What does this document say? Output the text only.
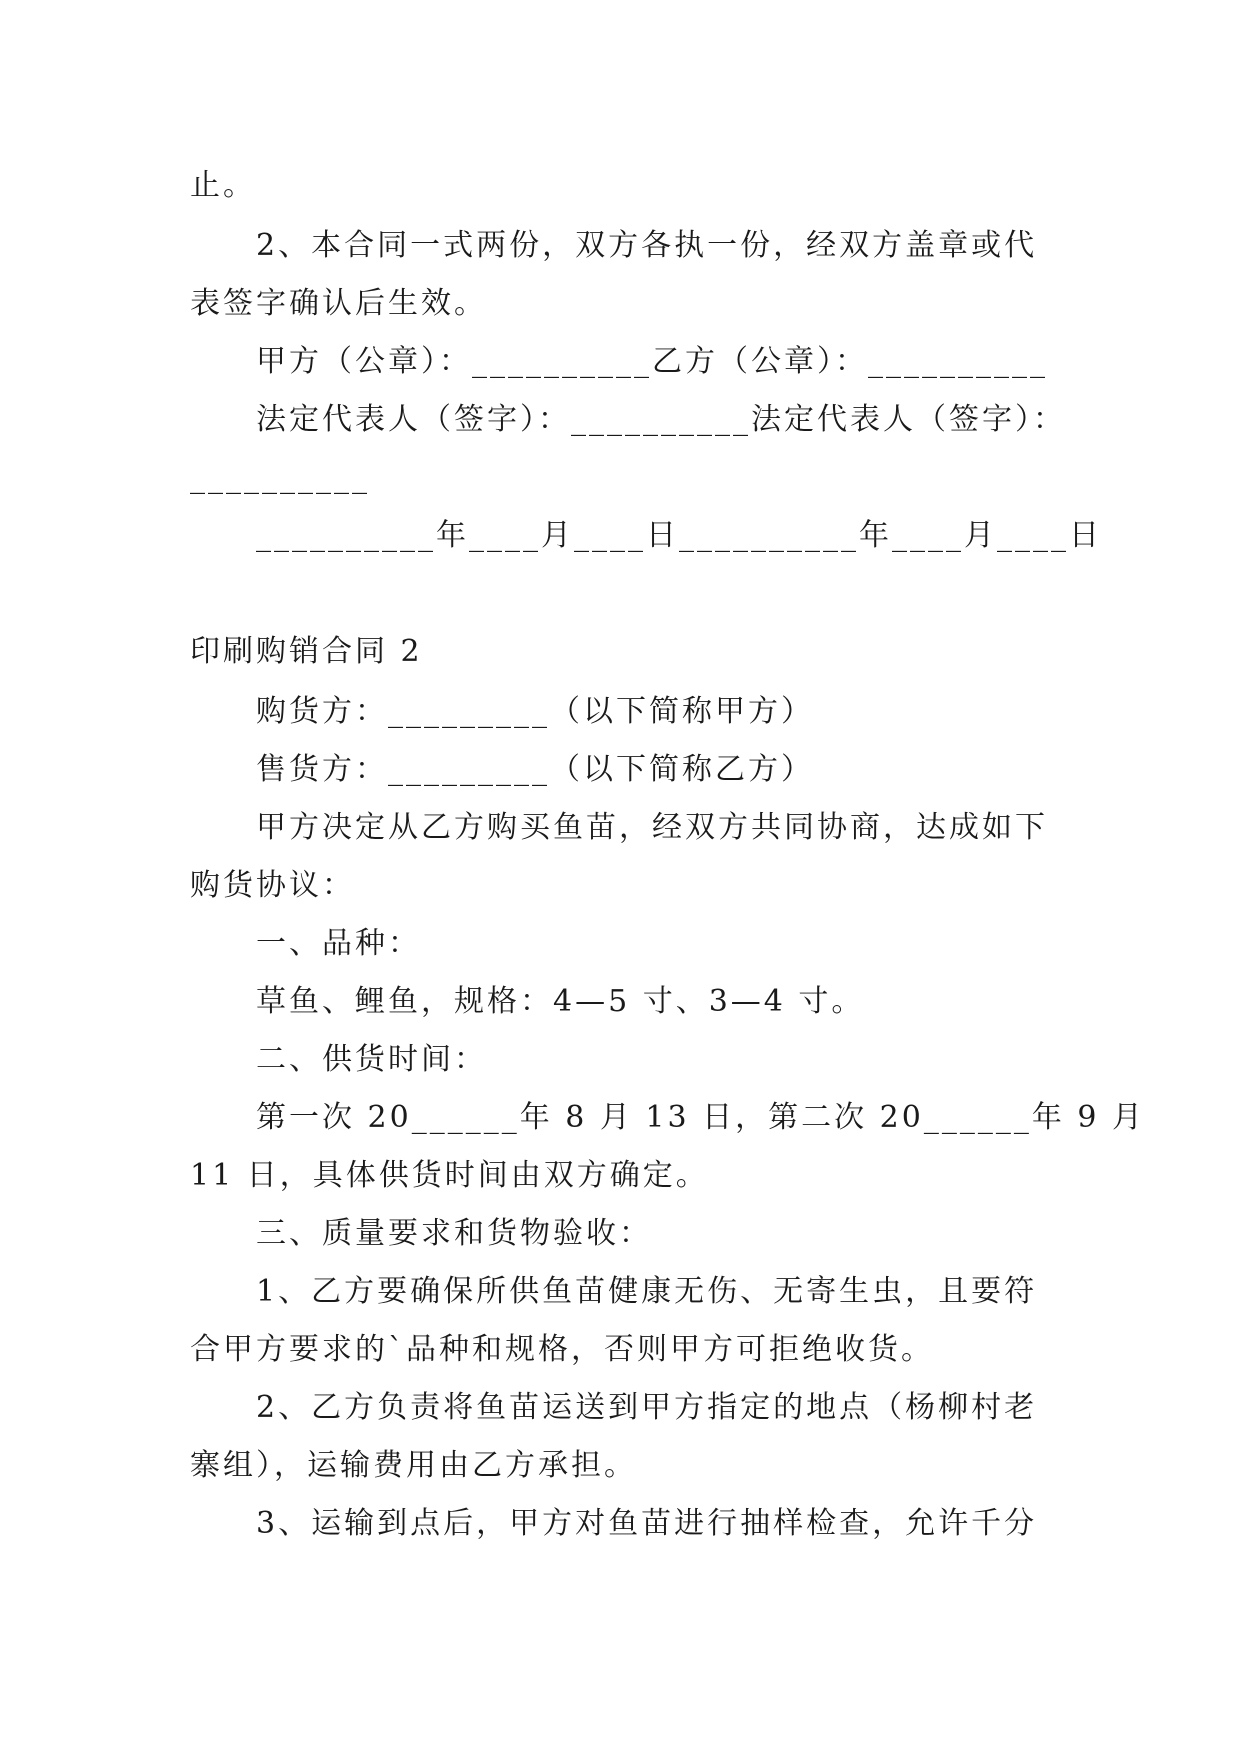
止。
2、本合同一式两份，双方各执一份，经双方盖章或代
表签字确认后生效。
甲方（公章）：__________乙方（公章）：__________
法定代表人（签字）：__________法定代表人（签字）：
__________
__________年____月____日__________年____月____日
印刷购销合同 2
购货方：_________（以下简称甲方）
售货方：_________（以下简称乙方）
甲方决定从乙方购买鱼苗，经双方共同协商，达成如下
购货协议：
一、品种：
草鱼、鲤鱼，规格：4—5 寸、3—4 寸。
二、供货时间：
第一次 20______年 8 月 13 日，第二次 20______年 9 月
11 日，具体供货时间由双方确定。
三、质量要求和货物验收：
1、乙方要确保所供鱼苗健康无伤、无寄生虫，且要符
合甲方要求的`品种和规格，否则甲方可拒绝收货。
2、乙方负责将鱼苗运送到甲方指定的地点（杨柳村老
寨组），运输费用由乙方承担。
3、运输到点后，甲方对鱼苗进行抽样检查，允许千分
